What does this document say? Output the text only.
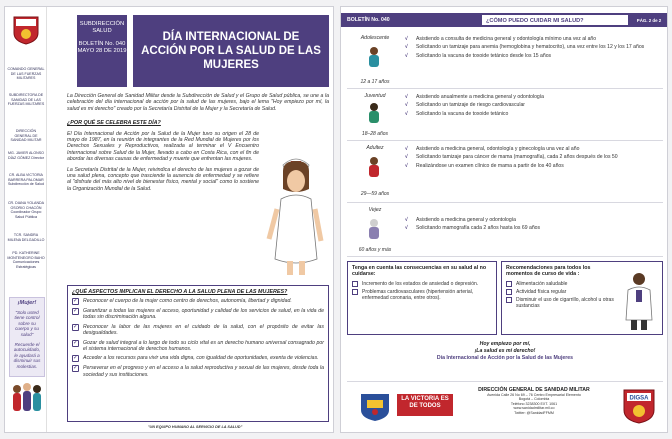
COMANDO GENERAL DE LAS FUERZAS MILITARES
SUBDIRECTORA DE SANIDAD DE LAS FUERZAS MILITARES
DIRECCIÓN GENERAL DE SANIDAD MILITAR
MG. JAVIER ALONSO DÍAZ GÓMEZ Director
CR. ALBA VICTORIA BARRERA PALOMAR Subdirección de Salud
CR. DIANA YOLANDA OSORIO CHACÓN Coordinador Grupo Salud Pública
TCR. SANDRA MILENA DELGADILLO
PD. KATHERINE MONTENEGRO BAHO Comunicaciones Estratégicas
¡Mujer!
"Solo usted tiene control sobre su cuerpo y su salud"
Recuerde el autocuidado, le ayudará a disminuir sus molestias.
SUBDIRECCIÓN SALUD
BOLETÍN No. 040
MAYO 28 DE 2019
DÍA INTERNACIONAL DE ACCIÓN POR LA SALUD DE LAS MUJERES

La Dirección General de Sanidad Militar desde la Subdirección de Salud y el Grupo de Salud pública, se une a la celebración del día internacional de acción por la salud de las mujeres, bajo el lema "Hoy empiezo por mí, la salud es mi derecho" creado por la Secretaría Distrital de la Mujer y la Secretaría de Salud.

¿POR QUÉ SE CELEBRA ESTE DÍA?

El Día Internacional de Acción por la Salud de la Mujer tuvo su origen el 28 de mayo de 1987, en la reunión de integrantes de la Red Mundial de Mujeres por los Derechos Sexuales y Reproductivos, realizada al terminar el V Encuentro Internacional sobre Salud de la Mujer, llevado a cabo en Costa Rica, con el fin de abordar las diversas causas de enfermedad y muerte que enfrentan las mujeres.

La Secretaría Distrital de la Mujer, reivindica el derecho de las mujeres a gozar de una salud plena, concepto que trasciende la ausencia de enfermedad y se refiere al "disfrute del más alto nivel de bienestar físico, mental y social" como lo sostiene la Organización Mundial de la Salud.

¿QUÉ ASPECTOS IMPLICAN EL DERECHO A LA SALUD PLENA DE LAS MUJERES?

✓ Reconocer el cuerpo de la mujer como centro de derechos, autonomía, libertad y dignidad.
✓ Garantizar a todas las mujeres el acceso, oportunidad y calidad de los servicios de salud, en la vida de todas sin discriminación alguna.
✓ Reconocer la labor de las mujeres en el cuidado de la salud, con el propósito de evitar las desigualdades.
✓ Gozar de salud integral a lo largo de todo su ciclo vital es un derecho humano universal consagrado por el sistema internacional de derechos humanos.
✓ Acceder a los recursos para vivir una vida digna, con igualdad de oportunidades, exenta de violencias.
✓ Perseverar en el progreso y en el acceso a la salud reproductiva y sexual de las mujeres, desde toda la sociedad y sus instituciones.
"UN EQUIPO HUMANO AL SERVICIO DE LA SALUD"
BOLETÍN No. 040	¿CÓMO PUEDO CUIDAR MI SALUD?	PÁG. 2 de 2
Adolescente
12 a 17 años
√	Asistiendo a consulta de medicina general y odontología mínimo una vez al año
√	Solicitando un tamizaje para anemia (hemoglobina y hematocrito), una vez entre los 12 y los 17 años
√	Solicitando la vacuna de toxoide tetánico desde los 15 años
Juventud
18–28 años
√	Asistiendo anualmente a medicina general y odontología
√	Solicitando un tamizaje de riesgo cardiovascular
√	Solicitando la vacuna de toxoide tetánico
Adultez
29—59 años
√	Asistiendo a medicina general, odontología y ginecología una vez al año
√	Solicitando tamizaje para cáncer de mama (mamografía), cada 2 años después de los 50
√	Realizándose un examen clínico de mama a partir de los 40 años
Vejez
60 años y más
√	Asistiendo a medicina general y odontología
√	Solicitando mamografía cada 2 años hasta los 69 años

Tenga en cuenta las consecuencias en su salud al no cuidarse:

Incremento de los estados de ansiedad o depresión.
Problemas cardiovasculares (hipertensión arterial, enfermedad coronaria, entre otros).

Recomendaciones para todos los momentos de curso de vida :

Alimentación saludable
Actividad física regular
Disminuir el uso de cigarrillo, alcohol u otras sustancias
Hoy empiezo por mí,
¡La salud es mi derecho!
Día Internacional de Acción por la Salud de las Mujeres
LA VICTORIA ES DE TODOS
DIRECCIÓN GENERAL DE SANIDAD MILITAR
Avenida Calle 26 No 69 – 76 Centro Empresarial Elemento
Bogotá – Colombia
Teléfono 3238300 EXT. 1061
www.sanidadmilitar.mil.co
Twitter: @SanidadFFMM
DIGSA
